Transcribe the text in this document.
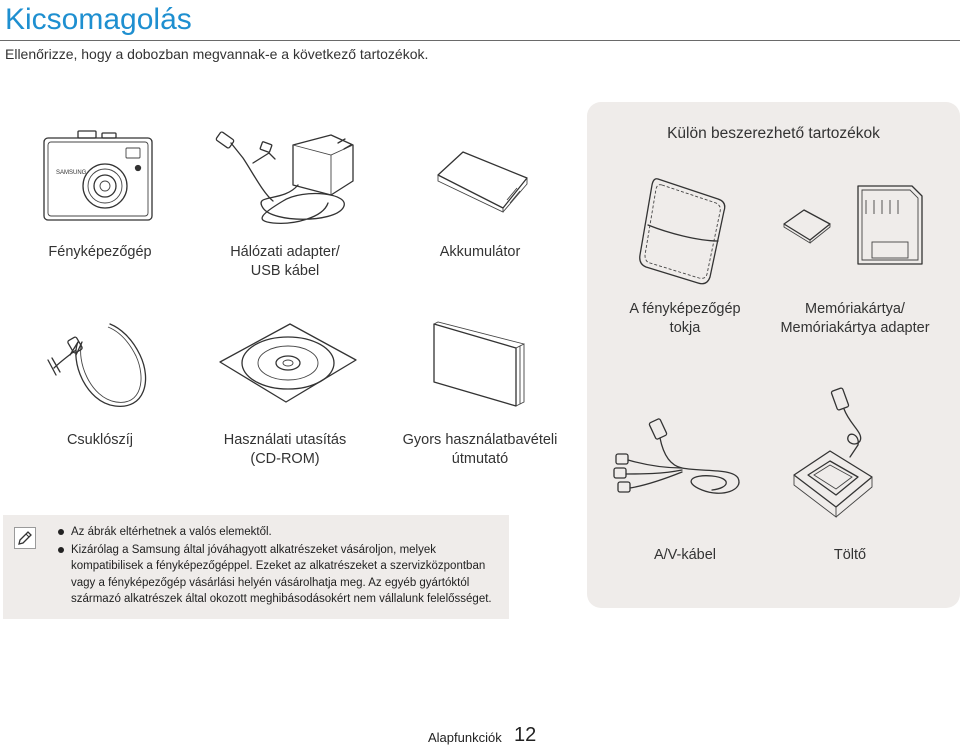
Kicsomagolás
Ellenőrizze, hogy a dobozban megvannak-e a következő tartozékok.
Külön beszerezhető tartozékok
SAMSUNG
Fényképezőgép	Hálózati adapter/
USB kábel
Akkumulátor
Csuklószíj	Használati utasítás
(CD-ROM)
Gyors használatbavételi
útmutató
A fényképezőgép
tokja
Memóriakártya/
Memóriakártya adapter
A/V-kábel	Töltő
Az ábrák eltérhetnek a valós elemektől.
Kizárólag a Samsung által jóváhagyott alkatrészeket vásároljon, melyek kompatibilisek a fényképezőgéppel. Ezeket az alkatrészeket a szervizközpontban vagy a fényképezőgép vásárlási helyén vásárolhatja meg. Az egyéb gyártóktól származó alkatrészek által okozott meghibásodásokért nem vállalunk felelősséget.
Alapfunkciók 12
